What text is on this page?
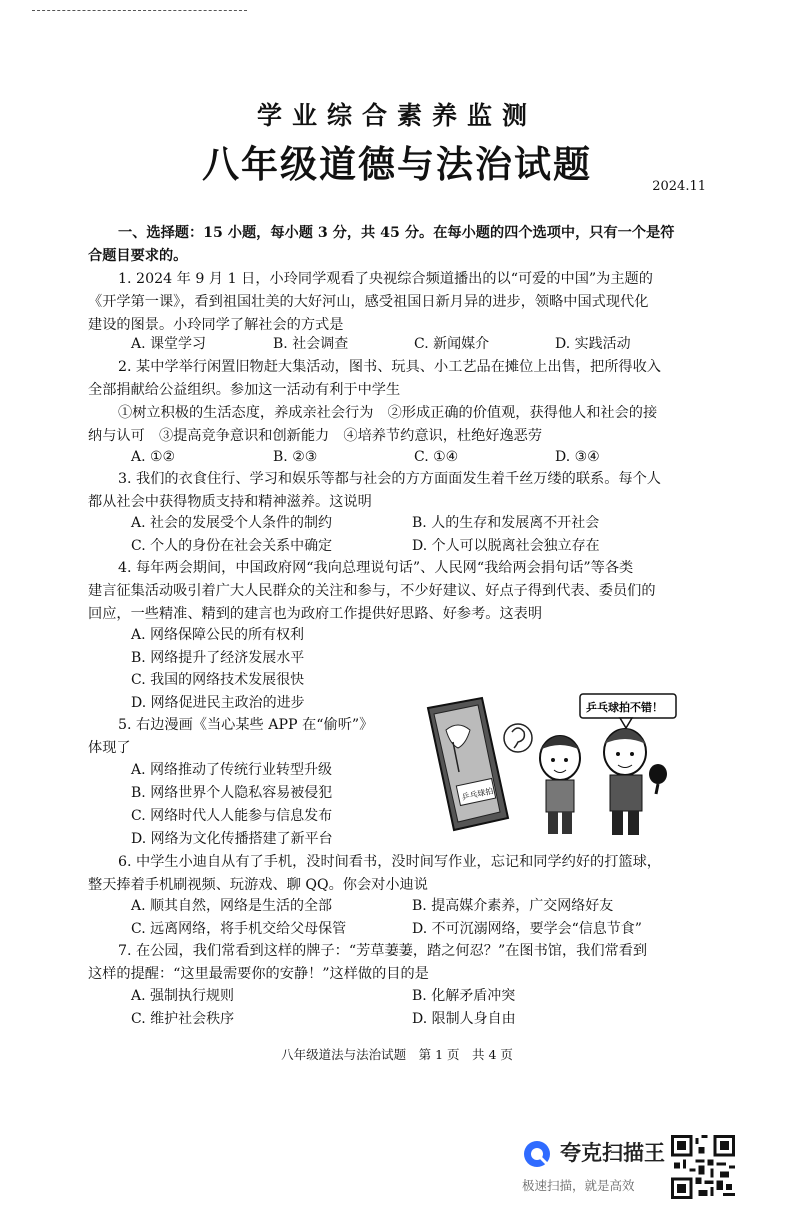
学业综合素养监测
八年级道德与法治试题
2024.11
一、选择题：15 小题，每小题 3 分，共 45 分。在每小题的四个选项中，只有一个是符
合题目要求的。
1. 2024 年 9 月 1 日，小玲同学观看了央视综合频道播出的以“可爱的中国”为主题的
《开学第一课》，看到祖国壮美的大好河山，感受祖国日新月异的进步，领略中国式现代化
建设的图景。小玲同学了解社会的方式是
A. 课堂学习	B. 社会调查	C. 新闻媒介	D. 实践活动
2. 某中学举行闲置旧物赶大集活动，图书、玩具、小工艺品在摊位上出售，把所得收入
全部捐献给公益组织。参加这一活动有利于中学生
①树立积极的生活态度，养成亲社会行为　②形成正确的价值观，获得他人和社会的接
纳与认可　③提高竞争意识和创新能力　④培养节约意识，杜绝好逸恶劳
A. ①②	B. ②③	C. ①④	D. ③④
3. 我们的衣食住行、学习和娱乐等都与社会的方方面面发生着千丝万缕的联系。每个人
都从社会中获得物质支持和精神滋养。这说明
A. 社会的发展受个人条件的制约	B. 人的生存和发展离不开社会
C. 个人的身份在社会关系中确定	D. 个人可以脱离社会独立存在
4. 每年两会期间，中国政府网“我向总理说句话”、人民网“我给两会捐句话”等各类
建言征集活动吸引着广大人民群众的关注和参与，不少好建议、好点子得到代表、委员们的
回应，一些精准、精到的建言也为政府工作提供好思路、好参考。这表明
A. 网络保障公民的所有权利
B. 网络提升了经济发展水平
C. 我国的网络技术发展很快
D. 网络促进民主政治的进步
5. 右边漫画《当心某些 APP 在“偷听”》
体现了
A. 网络推动了传统行业转型升级
B. 网络世界个人隐私容易被侵犯
C. 网络时代人人能参与信息发布
D. 网络为文化传播搭建了新平台
乒乓球拍
乒乓球拍不错！
6. 中学生小迪自从有了手机，没时间看书，没时间写作业，忘记和同学约好的打篮球，
整天捧着手机刷视频、玩游戏、聊 QQ。你会对小迪说
A. 顺其自然，网络是生活的全部	B. 提高媒介素养，广交网络好友
C. 远离网络，将手机交给父母保管	D. 不可沉溺网络，要学会“信息节食”
7. 在公园，我们常看到这样的牌子：“芳草萋萋，踏之何忍？”在图书馆，我们常看到
这样的提醒：“这里最需要你的安静！”这样做的目的是
A. 强制执行规则	B. 化解矛盾冲突
C. 维护社会秩序	D. 限制人身自由
八年级道法与法治试题　第 1 页　共 4 页
夸克扫描王
极速扫描，就是高效
